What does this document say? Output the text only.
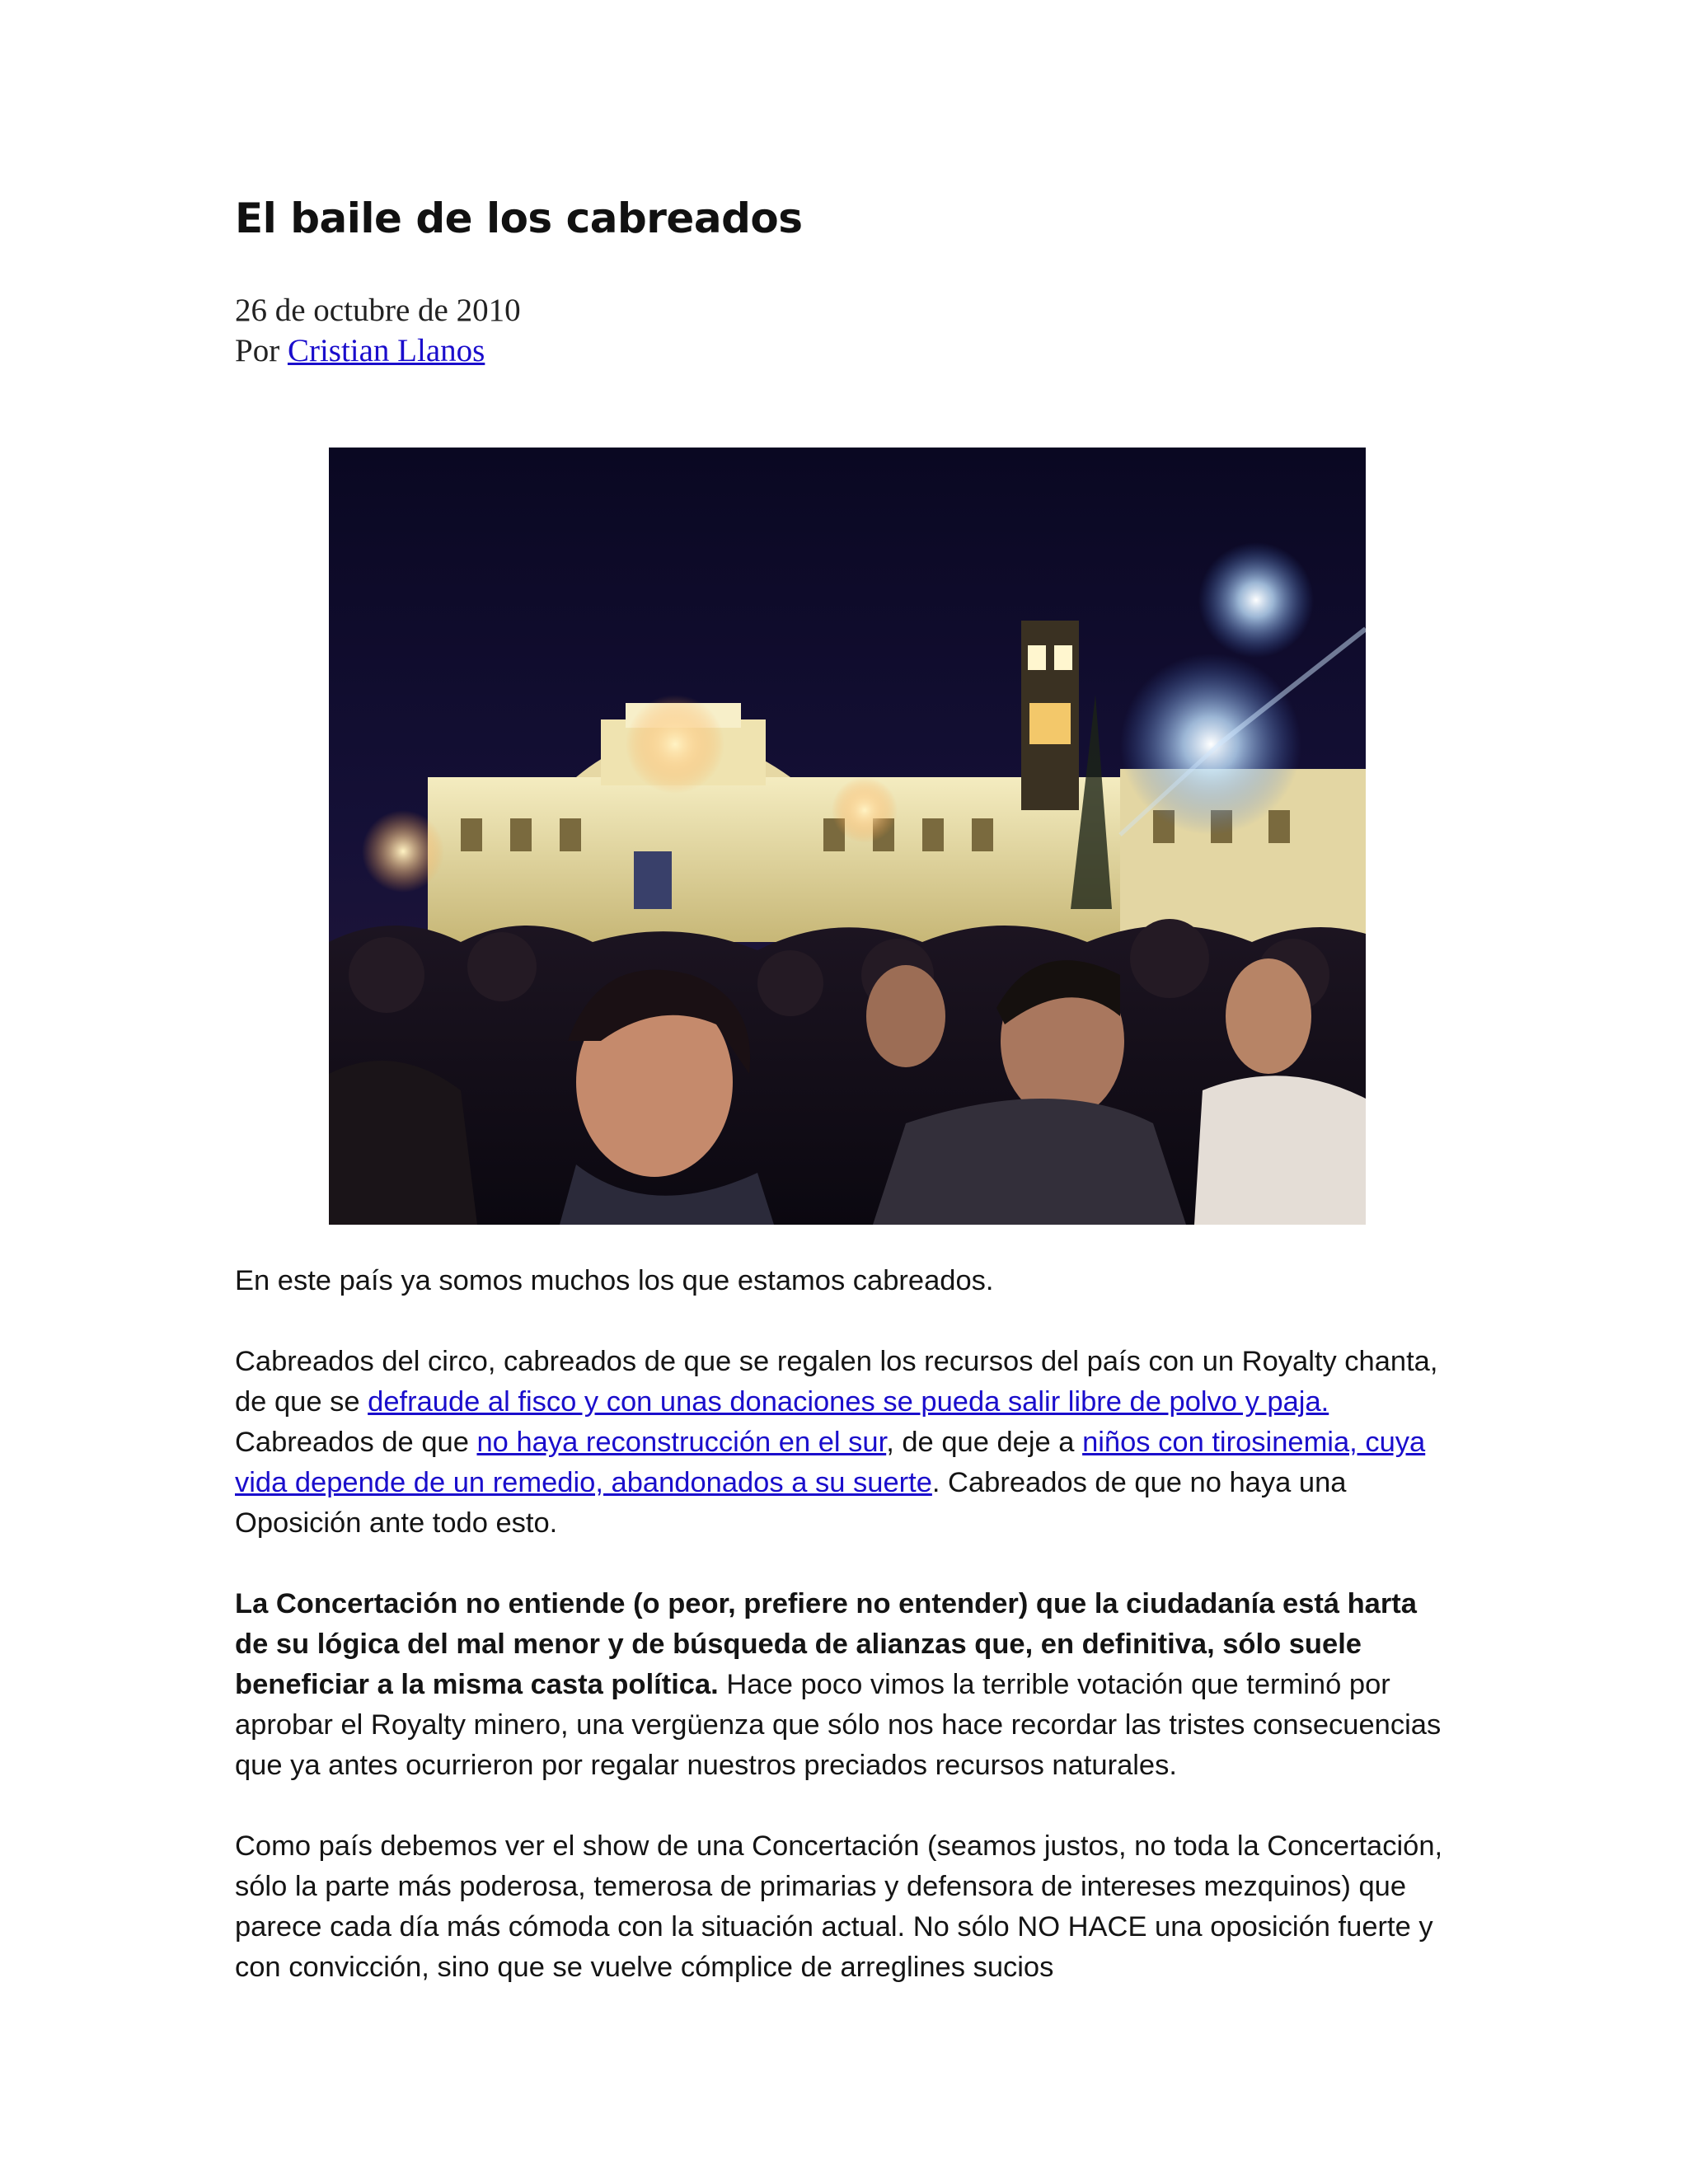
El baile de los cabreados
26 de octubre de 2010
Por Cristian Llanos

En este país ya somos muchos los que estamos cabreados.

Cabreados del circo, cabreados de que se regalen los recursos del país con un Royalty chanta, de que se defraude al fisco y con unas donaciones se pueda salir libre de polvo y paja. Cabreados de que no haya reconstrucción en el sur, de que deje a niños con tirosinemia, cuya vida depende de un remedio, abandonados a su suerte. Cabreados de que no haya una Oposición ante todo esto.

La Concertación no entiende (o peor, prefiere no entender) que la ciudadanía está harta de su lógica del mal menor y de búsqueda de alianzas que, en definitiva, sólo suele beneficiar a la misma casta política. Hace poco vimos la terrible votación que terminó por aprobar el Royalty minero, una vergüenza que sólo nos hace recordar las tristes consecuencias que ya antes ocurrieron por regalar nuestros preciados recursos naturales.

Como país debemos ver el show de una Concertación (seamos justos, no toda la Concertación, sólo la parte más poderosa, temerosa de primarias y defensora de intereses mezquinos) que parece cada día más cómoda con la situación actual. No sólo NO HACE una oposición fuerte y con convicción, sino que se vuelve cómplice de arreglines sucios
